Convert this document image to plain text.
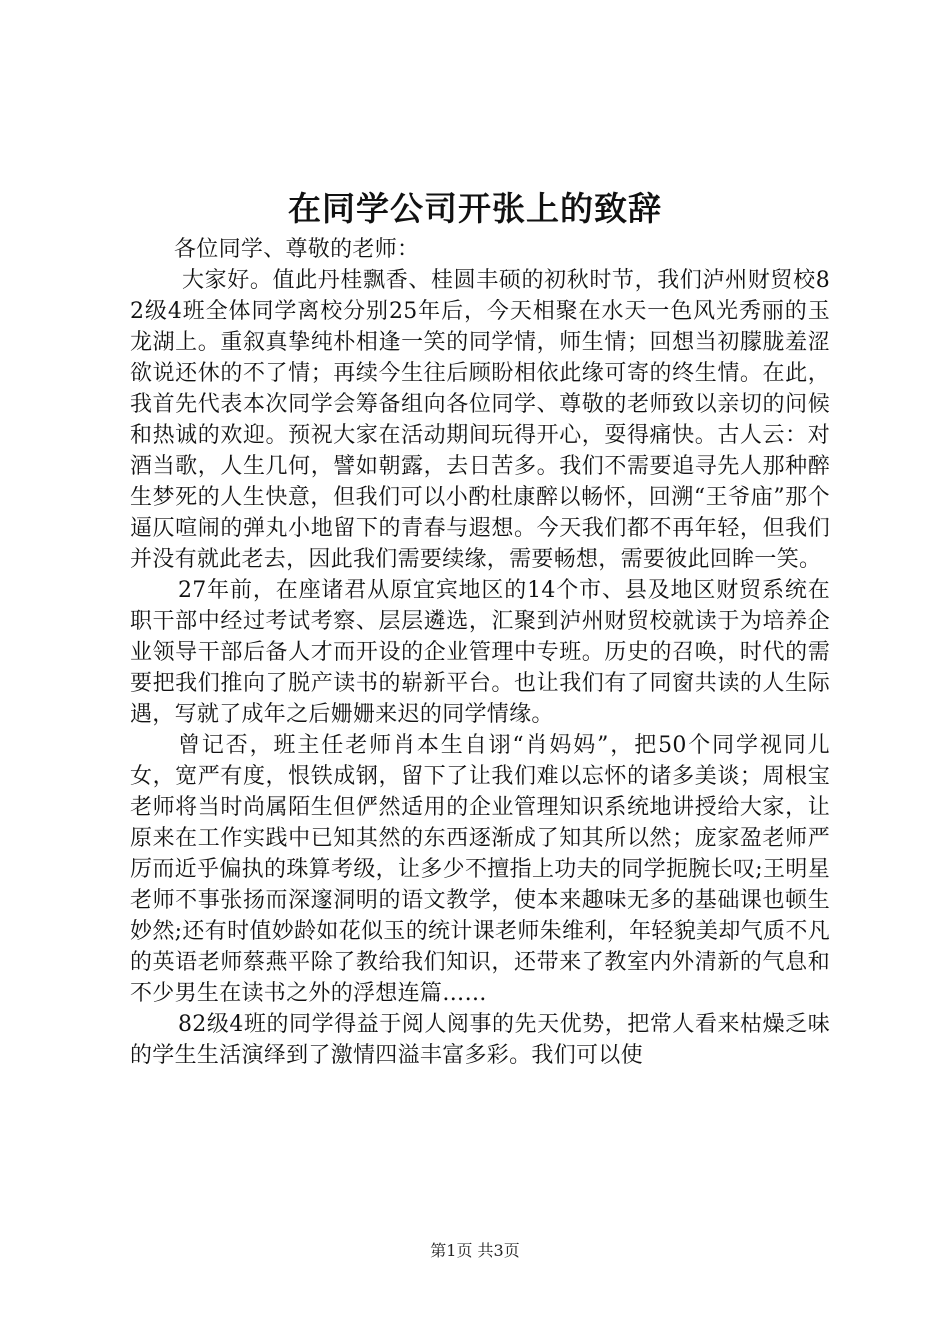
在同学公司开张上的致辞

各位同学、尊敬的老师：

大家好。值此丹桂飘香、桂圆丰硕的初秋时节，我们泸州财贸校82级4班全体同学离校分别25年后，今天相聚在水天一色风光秀丽的玉龙湖上。重叙真挚纯朴相逢一笑的同学情，师生情；回想当初朦胧羞涩欲说还休的不了情；再续今生往后顾盼相依此缘可寄的终生情。在此，我首先代表本次同学会筹备组向各位同学、尊敬的老师致以亲切的问候和热诚的欢迎。预祝大家在活动期间玩得开心，耍得痛快。古人云：对酒当歌，人生几何，譬如朝露，去日苦多。我们不需要追寻先人那种醉生梦死的人生快意，但我们可以小酌杜康醉以畅怀，回溯“王爷庙”那个逼仄喧闹的弹丸小地留下的青春与遐想。今天我们都不再年轻，但我们并没有就此老去，因此我们需要续缘，需要畅想，需要彼此回眸一笑。

27年前，在座诸君从原宜宾地区的14个市、县及地区财贸系统在职干部中经过考试考察、层层遴选，汇聚到泸州财贸校就读于为培养企业领导干部后备人才而开设的企业管理中专班。历史的召唤，时代的需要把我们推向了脱产读书的崭新平台。也让我们有了同窗共读的人生际遇，写就了成年之后姗姗来迟的同学情缘。

曾记否，班主任老师肖本生自诩“肖妈妈”，把50个同学视同儿女，宽严有度，恨铁成钢，留下了让我们难以忘怀的诸多美谈；周根宝老师将当时尚属陌生但俨然适用的企业管理知识系统地讲授给大家，让原来在工作实践中已知其然的东西逐渐成了知其所以然；庞家盈老师严厉而近乎偏执的珠算考级，让多少不擅指上功夫的同学扼腕长叹;王明星老师不事张扬而深邃洞明的语文教学，使本来趣味无多的基础课也顿生妙然;还有时值妙龄如花似玉的统计课老师朱维利，年轻貌美却气质不凡的英语老师蔡燕平除了教给我们知识，还带来了教室内外清新的气息和不少男生在读书之外的浮想连篇……

82级4班的同学得益于阅人阅事的先天优势，把常人看来枯燥乏味的学生生活演绎到了激情四溢丰富多彩。我们可以使

第1页 共3页
